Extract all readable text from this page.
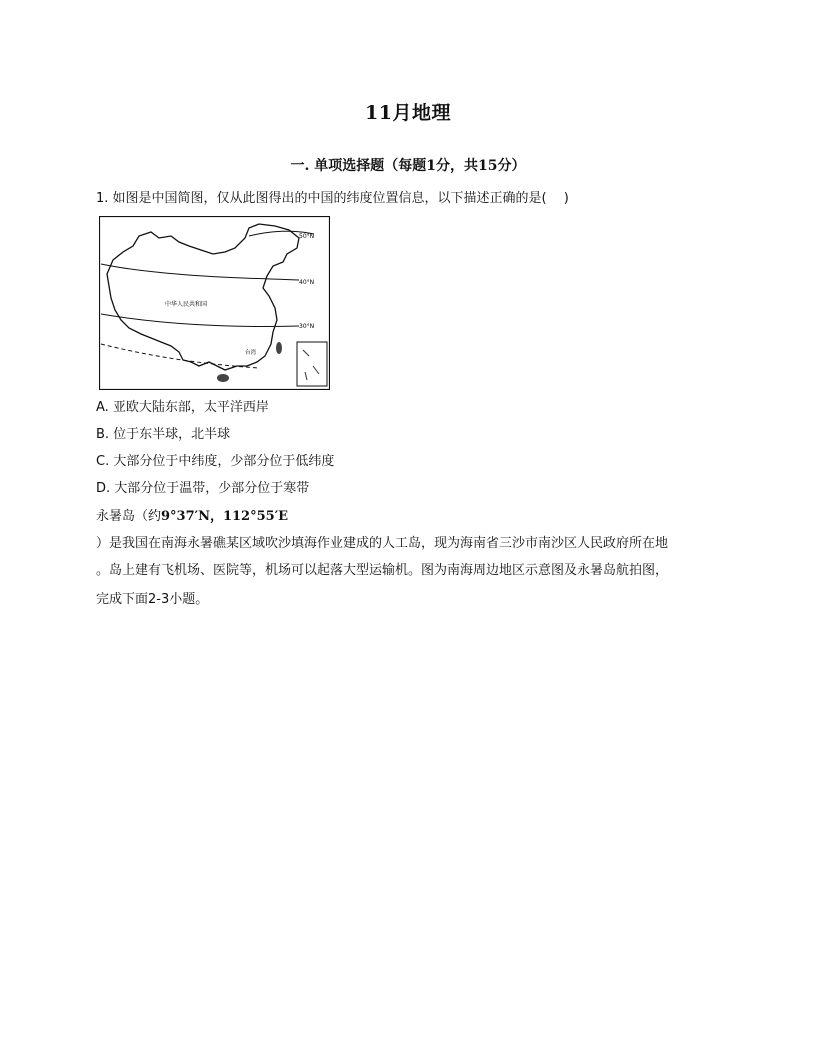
11月地理
一. 单项选择题（每题1分，共15分）
1. 如图是中国简图，仅从此图得出的中国的纬度位置信息，以下描述正确的是(　 )
50°N
40°N
30°N
中华人民共和国
台湾
A. 亚欧大陆东部，太平洋西岸
B. 位于东半球，北半球
C. 大部分位于中纬度，少部分位于低纬度
D. 大部分位于温带，少部分位于寒带
永暑岛（约9°37′N，112°55′E
）是我国在南海永暑礁某区域吹沙填海作业建成的人工岛，现为海南省三沙市南沙区人民政府所在地
。岛上建有飞机场、医院等，机场可以起落大型运输机。图为南海周边地区示意图及永暑岛航拍图，
完成下面2-3小题。
